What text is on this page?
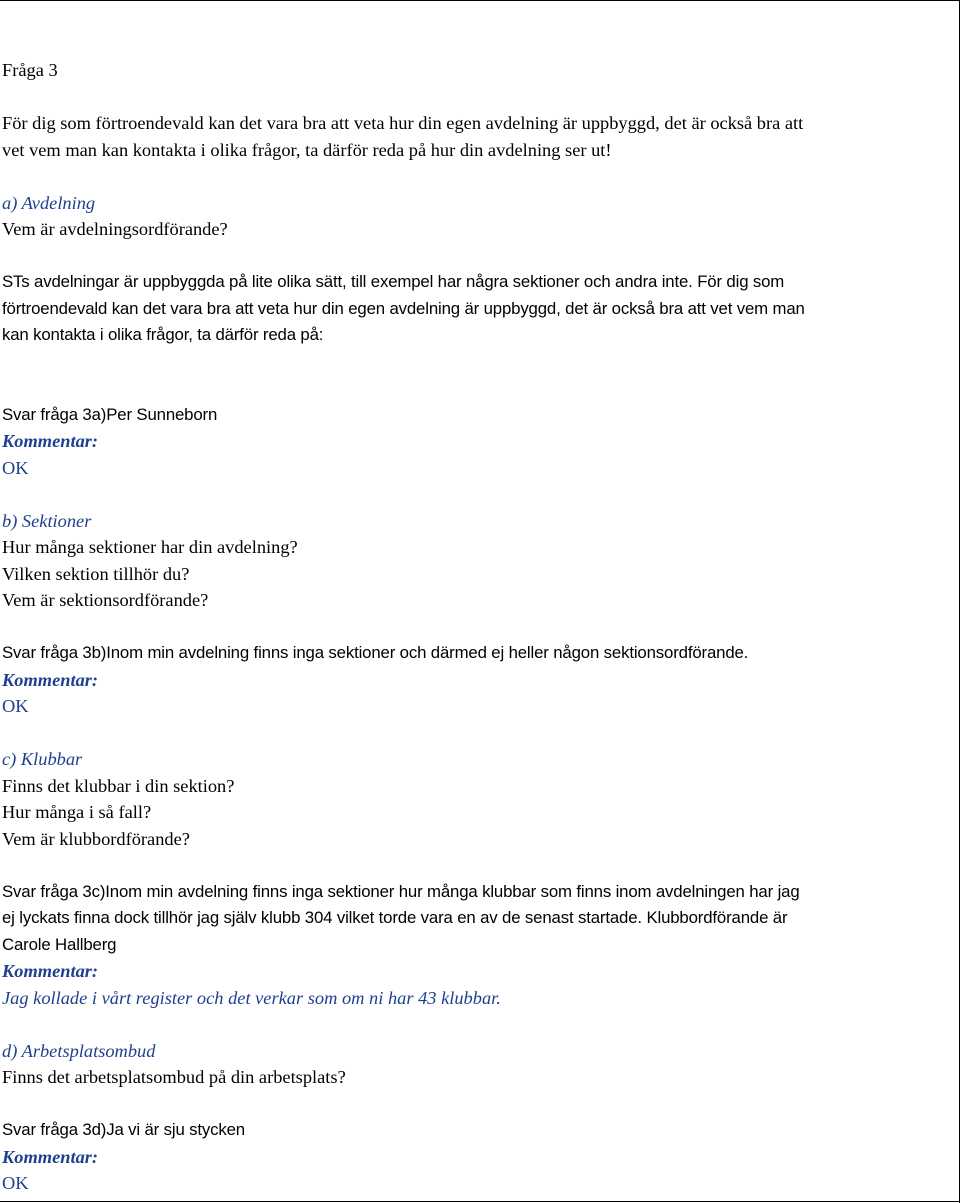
Fråga 3
För dig som förtroendevald kan det vara bra att veta hur din egen avdelning är uppbyggd, det är också bra att
vet vem man kan kontakta i olika frågor, ta därför reda på hur din avdelning ser ut!
a) Avdelning
Vem är avdelningsordförande?
STs avdelningar är uppbyggda på lite olika sätt, till exempel har några sektioner och andra inte. För dig som
förtroendevald kan det vara bra att veta hur din egen avdelning är uppbyggd, det är också bra att vet vem man
kan kontakta i olika frågor, ta därför reda på:
Svar fråga 3a)Per Sunneborn
Kommentar:
OK
b) Sektioner
Hur många sektioner har din avdelning?
Vilken sektion tillhör du?
Vem är sektionsordförande?
Svar fråga 3b)Inom min avdelning finns inga sektioner och därmed ej heller någon sektionsordförande.
Kommentar:
OK
c) Klubbar
Finns det klubbar i din sektion?
Hur många i så fall?
Vem är klubbordförande?
Svar fråga 3c)Inom min avdelning finns inga sektioner hur många klubbar som finns inom avdelningen har jag
ej lyckats finna dock tillhör jag själv klubb 304 vilket torde vara en av de senast startade. Klubbordförande är
Carole Hallberg
Kommentar:
Jag kollade i vårt register och det verkar som om ni har 43 klubbar.
d) Arbetsplatsombud
Finns det arbetsplatsombud på din arbetsplats?
Svar fråga 3d)Ja vi är sju stycken
Kommentar:
OK
